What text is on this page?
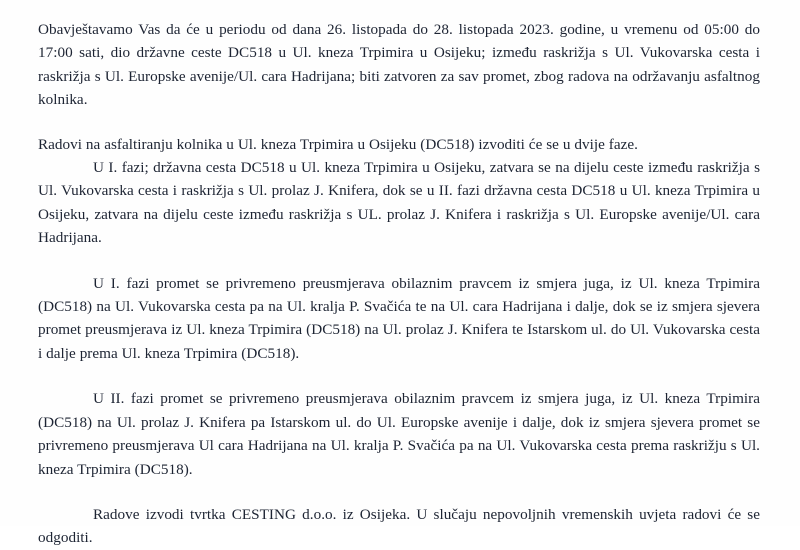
Obavještavamo Vas da će u periodu od dana 26. listopada do 28. listopada 2023. godine, u vremenu od 05:00 do 17:00 sati, dio državne ceste DC518 u Ul. kneza Trpimira u Osijeku; između raskrižja s Ul. Vukovarska cesta i raskrižja s Ul. Europske avenije/Ul. cara Hadrijana; biti zatvoren za sav promet, zbog radova na održavanju asfaltnog kolnika.

Radovi na asfaltiranju kolnika u Ul. kneza Trpimira u Osijeku (DC518) izvoditi će se u dvije faze.

U I. fazi; državna cesta DC518 u Ul. kneza Trpimira u Osijeku, zatvara se na dijelu ceste između raskrižja s Ul. Vukovarska cesta i raskrižja s Ul. prolaz J. Knifera, dok se u II. fazi državna cesta DC518 u Ul. kneza Trpimira u Osijeku, zatvara na dijelu ceste između raskrižja s UL. prolaz J. Knifera i raskrižja s Ul. Europske avenije/Ul. cara Hadrijana.

U I. fazi promet se privremeno preusmjerava obilaznim pravcem iz smjera juga, iz Ul. kneza Trpimira (DC518) na Ul. Vukovarska cesta pa na Ul. kralja P. Svačića te na Ul. cara Hadrijana i dalje, dok se iz smjera sjevera promet preusmjerava iz Ul. kneza Trpimira (DC518) na Ul. prolaz J. Knifera te Istarskom ul. do Ul. Vukovarska cesta i dalje prema Ul. kneza Trpimira (DC518).

U II. fazi promet se privremeno preusmjerava obilaznim pravcem iz smjera juga, iz Ul. kneza Trpimira (DC518) na Ul. prolaz J. Knifera pa Istarskom ul. do Ul. Europske avenije i dalje, dok iz smjera sjevera promet se privremeno preusmjerava Ul cara Hadrijana na Ul. kralja P. Svačića pa na Ul. Vukovarska cesta prema raskrižju s Ul. kneza Trpimira (DC518).

Radove izvodi tvrtka CESTING d.o.o. iz Osijeka. U slučaju nepovoljnih vremenskih uvjeta radovi će se odgoditi.
